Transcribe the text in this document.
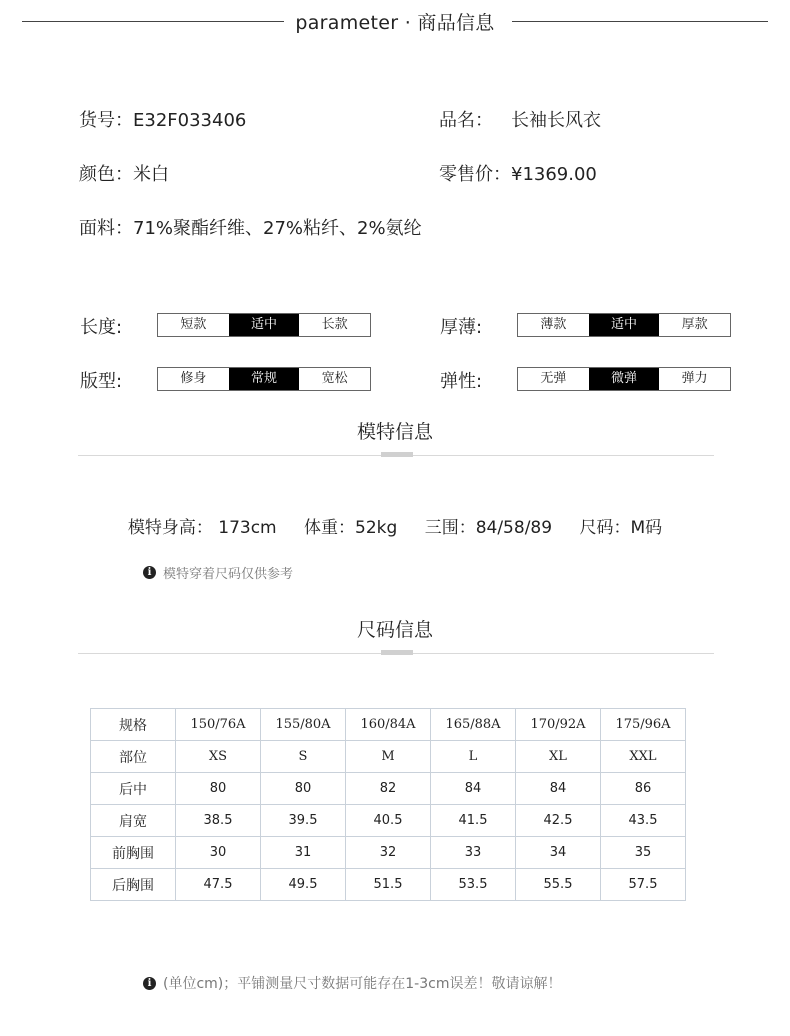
parameter · 商品信息
货号：E32F033406	品名： 长袖长风衣
颜色：米白	零售价：¥1369.00
面料：71%聚酯纤维、27%粘纤、2%氨纶
长度:	短款	适中	长款	厚薄:	薄款	适中	厚款
版型:	修身	常规	宽松	弹性:	无弹	微弹	弹力
模特信息
模特身高： 173cm 体重：52kg 三围：84/58/89 尺码：M码
i 模特穿着尺码仅供参考
尺码信息
规格	150/76A	155/80A	160/84A	165/88A	170/92A	175/96A
部位	XS	S	M	L	XL	XXL
后中	80	80	82	84	84	86
肩宽	38.5	39.5	40.5	41.5	42.5	43.5
前胸围	30	31	32	33	34	35
后胸围	47.5	49.5	51.5	53.5	55.5	57.5
i (单位cm)；平铺测量尺寸数据可能存在1-3cm误差！敬请谅解！
